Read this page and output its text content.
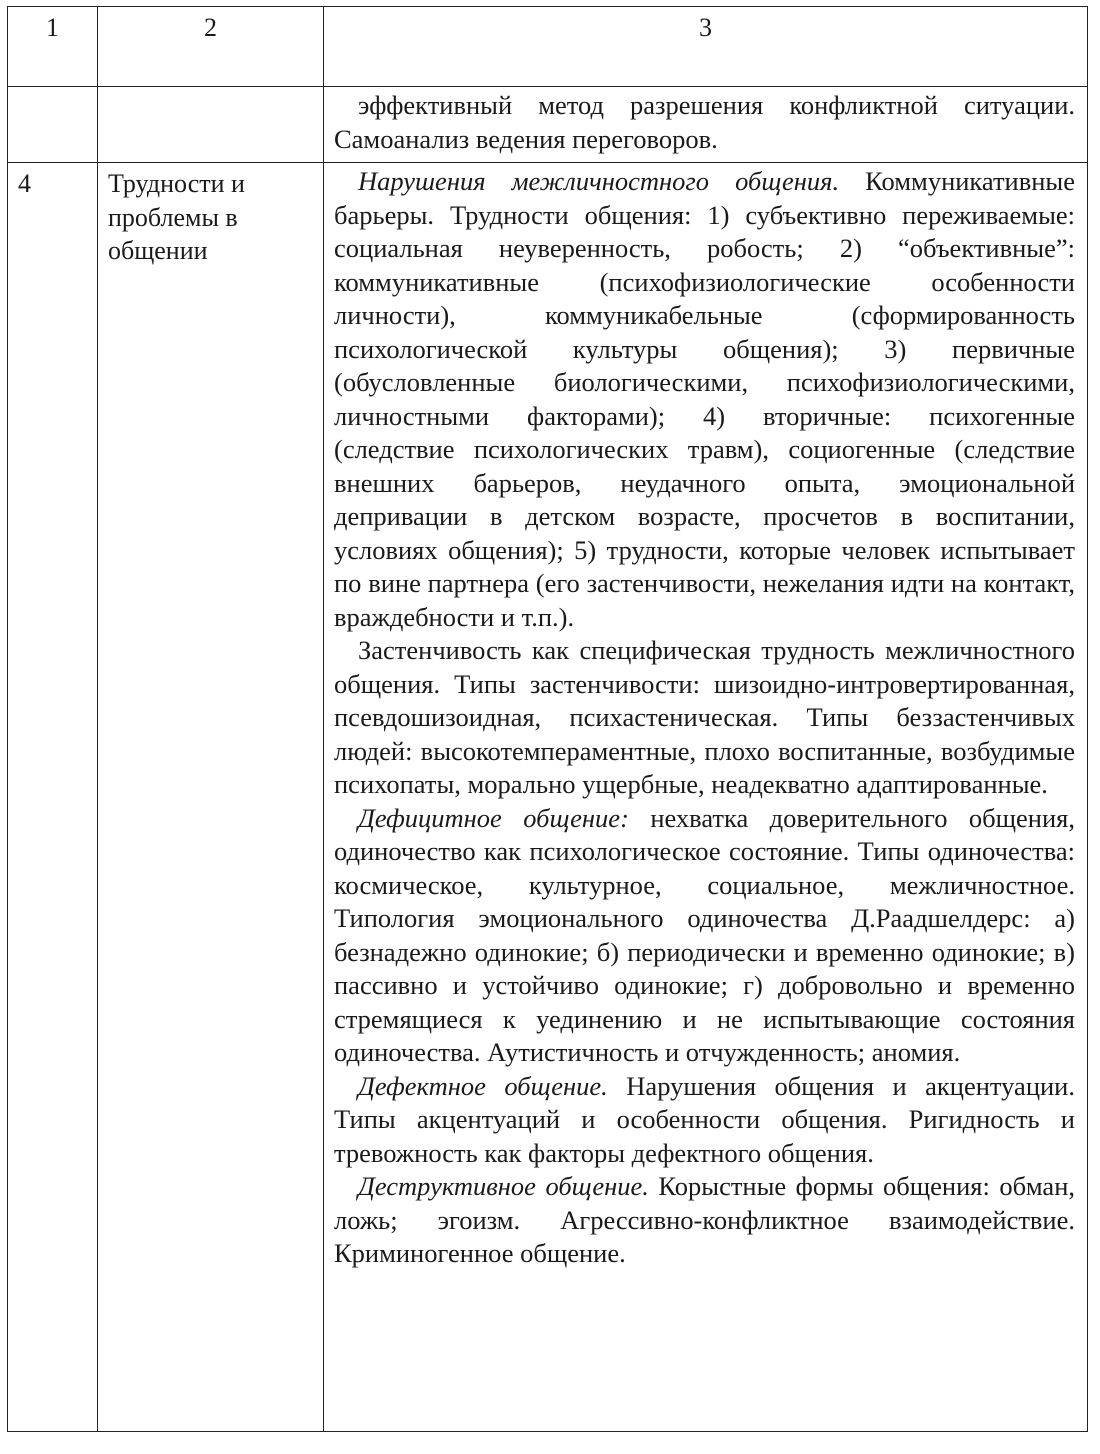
1	2	3

		эффективный метод разрешения конфликтной ситуации. Самоанализ ведения переговоров.

4	Трудности и проблемы в общении	Нарушения межличностного общения. Коммуникативные барьеры. Трудности общения: 1) субъективно переживаемые: социальная неуверенность, робость; 2) “объективные”: коммуникативные (психофизиологические особенности личности), коммуникабельные (сформированность психологической культуры общения); 3) первичные (обусловленные биологическими, психофизиологическими, личностными факторами); 4) вторичные: психогенные (следствие психологических травм), социогенные (следствие внешних барьеров, неудачного опыта, эмоциональной депривации в детском возрасте, просчетов в воспитании, условиях общения); 5) трудности, которые человек испытывает по вине партнера (его застенчивости, нежелания идти на контакт, враждебности и т.п.).

Застенчивость как специфическая трудность межличностного общения. Типы застенчивости: шизоидно-интровертированная, псевдошизоидная, психастеническая. Типы беззастенчивых людей: высокотемпераментные, плохо воспитанные, возбудимые психопаты, морально ущербные, неадекватно адаптированные.

Дефицитное общение: нехватка доверительного общения, одиночество как психологическое состояние. Типы одиночества: космическое, культурное, социальное, межличностное. Типология эмоционального одиночества Д.Раадшелдерс: а) безнадежно одинокие; б) периодически и временно одинокие; в) пассивно и устойчиво одинокие; г) добровольно и временно стремящиеся к уединению и не испытывающие состояния одиночества. Аутистичность и отчужденность; аномия.

Дефектное общение. Нарушения общения и акцентуации. Типы акцентуаций и особенности общения. Ригидность и тревожность как факторы дефектного общения.

Деструктивное общение. Корыстные формы общения: обман, ложь; эгоизм. Агрессивно-конфликтное взаимодействие. Криминогенное общение.
